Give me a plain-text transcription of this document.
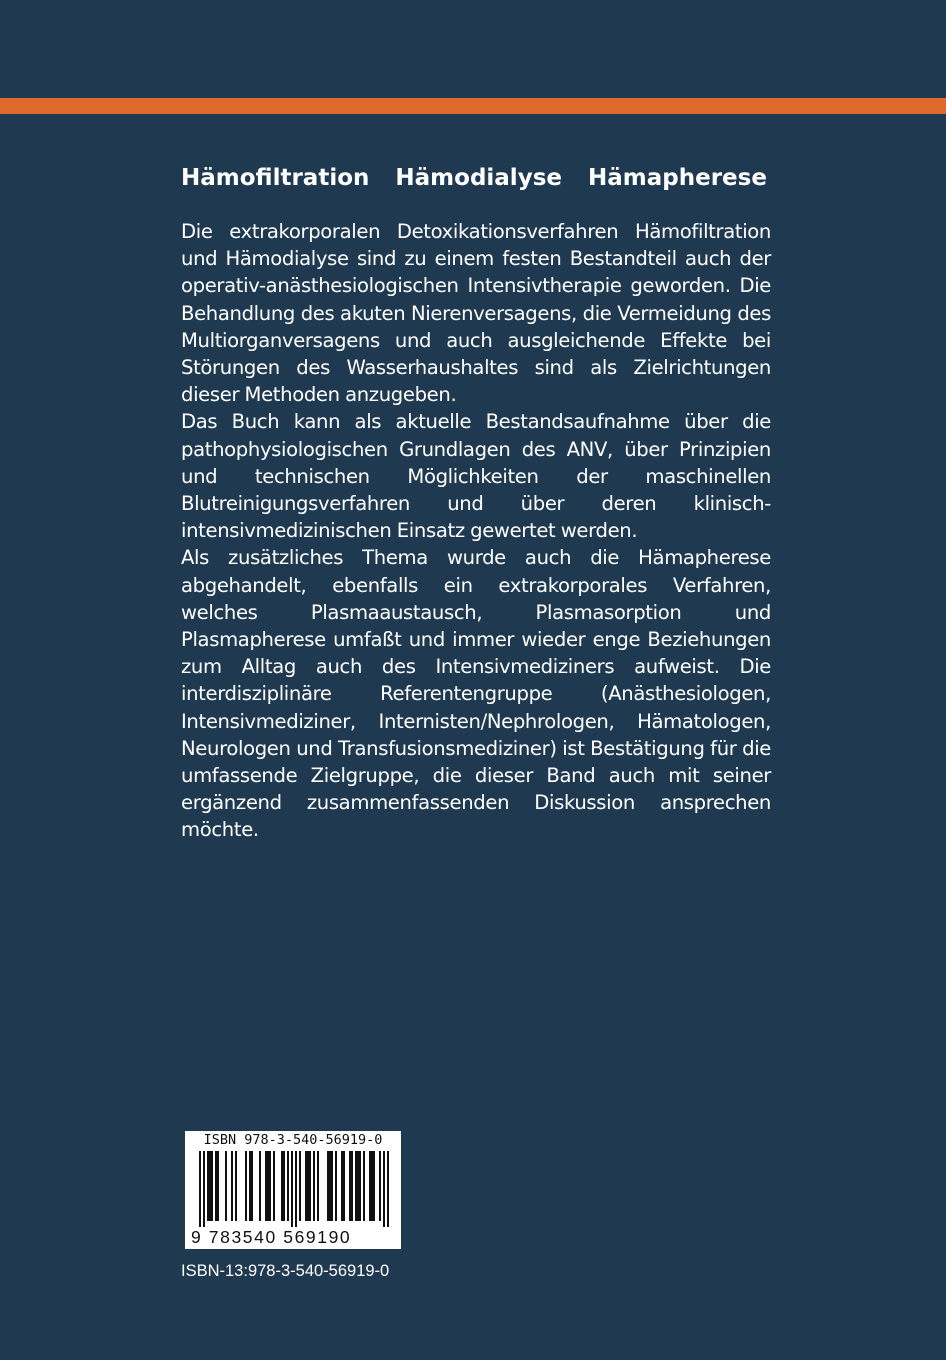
Hämofiltration Hämodialyse Hämapherese

Die extrakorporalen Detoxikationsverfahren Hämofiltration und Hämodialyse sind zu einem festen Bestandteil auch der operativ-anästhesiologischen Intensivtherapie geworden. Die Behandlung des akuten Nierenversagens, die Vermeidung des Multiorganversagens und auch ausgleichende Effekte bei Störungen des Wasserhaushaltes sind als Zielrichtungen dieser Methoden anzugeben.

Das Buch kann als aktuelle Bestandsaufnahme über die pathophysiologischen Grundlagen des ANV, über Prinzipien und technischen Möglichkeiten der maschinellen Blutreinigungsverfahren und über deren klinisch-intensivmedizinischen Einsatz gewertet werden.

Als zusätzliches Thema wurde auch die Hämapherese abgehandelt, ebenfalls ein extrakorporales Verfahren, welches Plasmaaustausch, Plasmasorption und Plasmapherese umfaßt und immer wieder enge Beziehungen zum Alltag auch des Intensivmediziners aufweist. Die interdisziplinäre Referentengruppe (Anästhesiologen, Intensivmediziner, Internisten/Nephrologen, Hämatologen, Neurologen und Transfusionsmediziner) ist Bestätigung für die umfassende Zielgruppe, die dieser Band auch mit seiner ergänzend zusammenfassenden Diskussion ansprechen möchte.

ISBN 978-3-540-56919-0
9 783540 569190
ISBN-13:978-3-540-56919-0
